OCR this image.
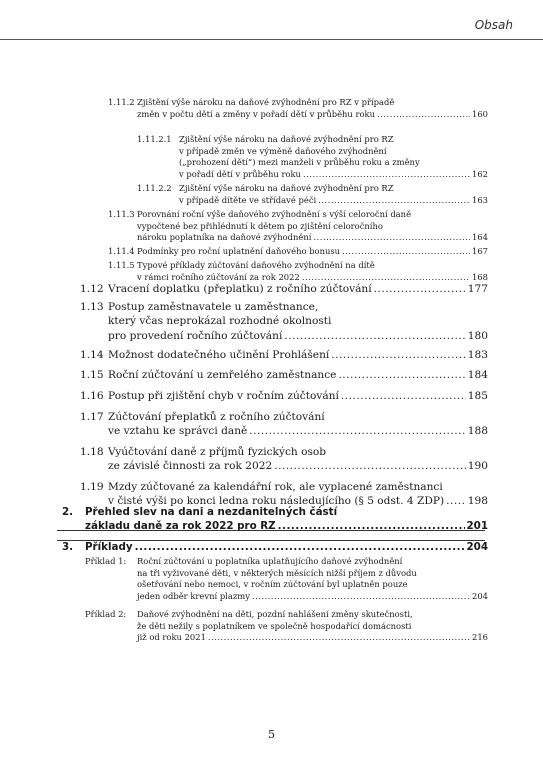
Obsah
1.11.2 Zjištění výše nároku na daňové zvýhodnění pro RZ v případě
změn v počtu dětí a změny v pořadí dětí v průběhu roku .....	160
1.11.2.1 Zjištění výše nároku na daňové zvýhodnění pro RZ
v případě změn ve výměně daňového zvýhodnění
(„prohození dětí“) mezi manželi v průběhu roku a změny
v pořadí dětí v průběhu roku .....	162
1.11.2.2 Zjištění výše nároku na daňové zvýhodnění pro RZ
v případě dítěte ve střídavé péči .....	163
1.11.3 Porovnání roční výše daňového zvýhodnění s výší celoroční daně
vypočtené bez přihlédnutí k dětem po zjištění celoročního
nároku poplatníka na daňové zvýhodnění .....	164
1.11.4 Podmínky pro roční uplatnění daňového bonusu .....	167
1.11.5 Typové příklady zúčtování daňového zvýhodnění na dítě
v rámci ročního zúčtování za rok 2022 .....	168
1.12 Vracení doplatku (přeplatku) z ročního zúčtování .....	177
1.13 Postup zaměstnavatele u zaměstnance,
který včas neprokázal rozhodné okolnosti
pro provedení ročního zúčtování .....	180
1.14 Možnost dodatečného učinění Prohlášení .....	183
1.15 Roční zúčtování u zemřelého zaměstnance .....	184
1.16 Postup při zjištění chyb v ročním zúčtování .....	185
1.17 Zúčtování přeplatků z ročního zúčtování
ve vztahu ke správci daně .....	188
1.18 Vyúčtování daně z příjmů fyzických osob
ze závislé činnosti za rok 2022 .....	190
1.19 Mzdy zúčtované za kalendářní rok, ale vyplacené zaměstnanci
v čisté výši po konci ledna roku následujícího (§ 5 odst. 4 ZDP) ..... 198
2. Přehled slev na dani a nezdanitelných částí
základu daně za rok 2022 pro RZ .....	201
3. Příklady .....	204
Příklad 1: Roční zúčtování u poplatníka uplatňujícího daňové zvýhodnění
na tři vyživované děti, v některých měsících nižší příjem z důvodu
ošetřování nebo nemoci, v ročním zúčtování byl uplatněn pouze
jeden odběr krevní plazmy .....	204
Příklad 2: Daňové zvýhodnění na děti, pozdní nahlášení změny skutečnosti,
že děti nežily s poplatníkem ve společně hospodařící domácnosti
již od roku 2021 .....	216
5
